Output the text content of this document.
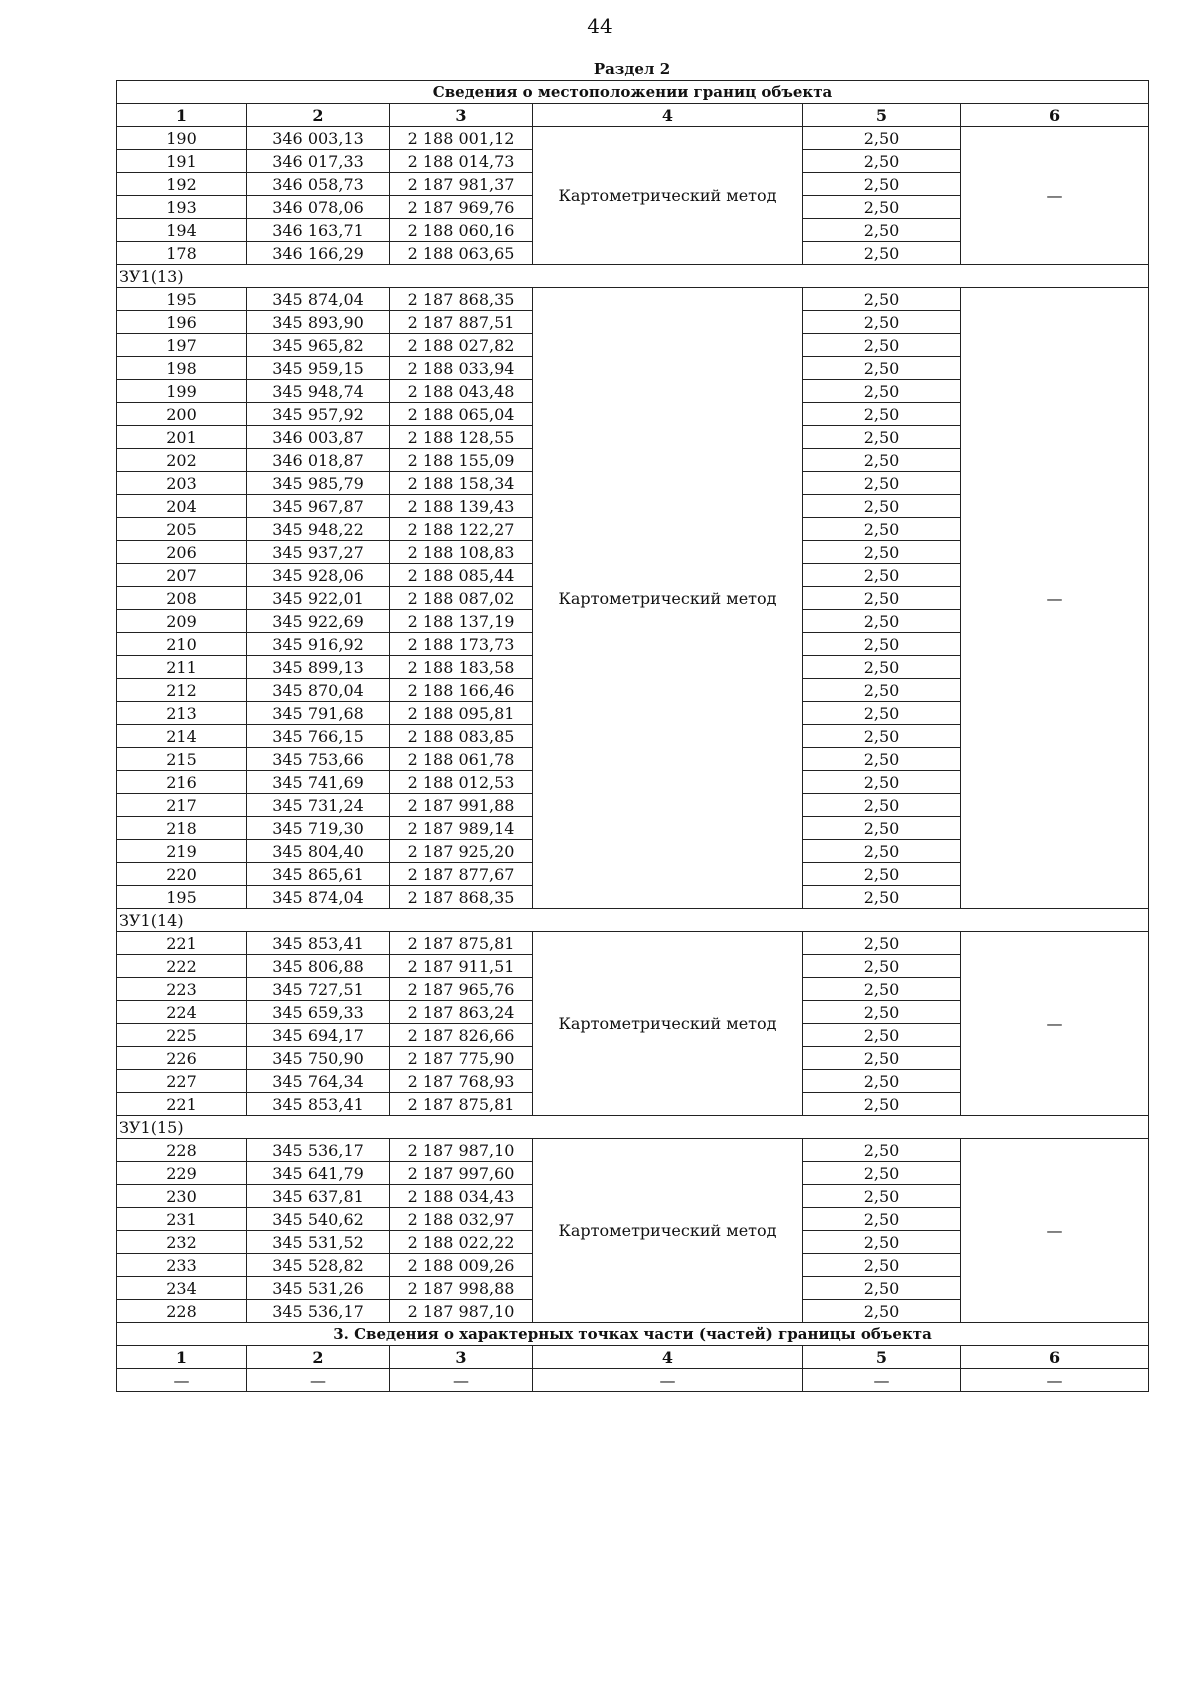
44
Раздел 2
Сведения о местоположении границ объекта					
1	2	3	4	5	6
190	346 003,13	2 188 001,12	Картометрический метод	2,50	—
191	346 017,33	2 188 014,73		2,50	
192	346 058,73	2 187 981,37		2,50	
193	346 078,06	2 187 969,76		2,50	
194	346 163,71	2 188 060,16		2,50	
178	346 166,29	2 188 063,65		2,50	
ЗУ1(13)					
195	345 874,04	2 187 868,35	Картометрический метод	2,50	—
196	345 893,90	2 187 887,51		2,50	
197	345 965,82	2 188 027,82		2,50	
198	345 959,15	2 188 033,94		2,50	
199	345 948,74	2 188 043,48		2,50	
200	345 957,92	2 188 065,04		2,50	
201	346 003,87	2 188 128,55		2,50	
202	346 018,87	2 188 155,09		2,50	
203	345 985,79	2 188 158,34		2,50	
204	345 967,87	2 188 139,43		2,50	
205	345 948,22	2 188 122,27		2,50	
206	345 937,27	2 188 108,83		2,50	
207	345 928,06	2 188 085,44		2,50	
208	345 922,01	2 188 087,02		2,50	
209	345 922,69	2 188 137,19		2,50	
210	345 916,92	2 188 173,73		2,50	
211	345 899,13	2 188 183,58		2,50	
212	345 870,04	2 188 166,46		2,50	
213	345 791,68	2 188 095,81		2,50	
214	345 766,15	2 188 083,85		2,50	
215	345 753,66	2 188 061,78		2,50	
216	345 741,69	2 188 012,53		2,50	
217	345 731,24	2 187 991,88		2,50	
218	345 719,30	2 187 989,14		2,50	
219	345 804,40	2 187 925,20		2,50	
220	345 865,61	2 187 877,67		2,50	
195	345 874,04	2 187 868,35		2,50	
ЗУ1(14)					
221	345 853,41	2 187 875,81	Картометрический метод	2,50	—
222	345 806,88	2 187 911,51		2,50	
223	345 727,51	2 187 965,76		2,50	
224	345 659,33	2 187 863,24		2,50	
225	345 694,17	2 187 826,66		2,50	
226	345 750,90	2 187 775,90		2,50	
227	345 764,34	2 187 768,93		2,50	
221	345 853,41	2 187 875,81		2,50	
ЗУ1(15)					
228	345 536,17	2 187 987,10	Картометрический метод	2,50	—
229	345 641,79	2 187 997,60		2,50	
230	345 637,81	2 188 034,43		2,50	
231	345 540,62	2 188 032,97		2,50	
232	345 531,52	2 188 022,22		2,50	
233	345 528,82	2 188 009,26		2,50	
234	345 531,26	2 187 998,88		2,50	
228	345 536,17	2 187 987,10		2,50	
3. Сведения о характерных точках части (частей) границы объекта					
1	2	3	4	5	6
—	—	—	—	—	—
